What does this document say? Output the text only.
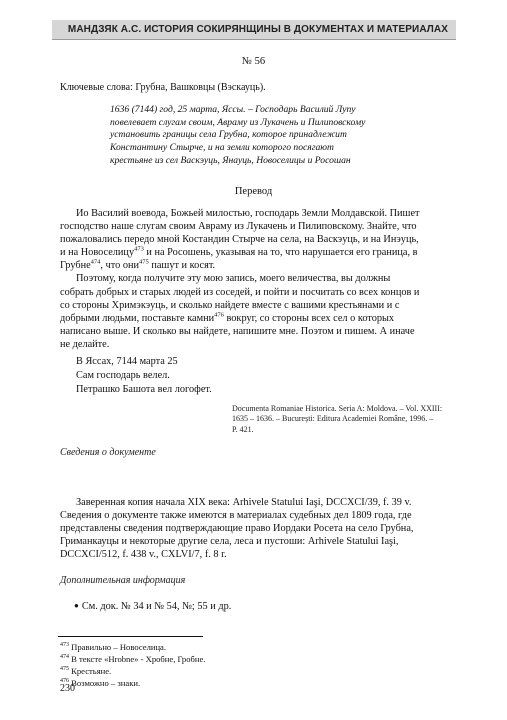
МАНДЗЯК А.С. ИСТОРИЯ СОКИРЯНЩИНЫ В ДОКУМЕНТАХ И МАТЕРИАЛАХ
№ 56
Ключевые слова: Грубна, Вашковцы (Вэскауць).
1636 (7144) год, 25 марта, Яссы. – Господарь Василий Лупу
повелевает слугам своим, Авраму из Лукачень и Пилиповскому
установить границы села Грубна, которое принадлежит
Константину Стырче, и на земли которого посягают
крестьяне из сел Васкэуць, Янауць, Новоселицы и Росошан
Перевод
Ио Василий воевода, Божьей милостью, господарь Земли Молдавской. Пишет
господство наше слугам своим Авраму из Лукачень и Пилиповскому. Знайте, что
пожаловались передо мной Костандин Стырче на села, на Васкэуць, и на Инэуць,
и на Новоселицу$^{473}$ и на Росошень, указывая на то, что нарушается его граница, в
Грубне$^{474}$, что они$^{475}$ пашут и косят.
Поэтому, когда получите эту мою запись, моего величества, вы должны
собрать добрых и старых людей из соседей, и пойти и посчитать со всех концов и
со стороны Хримэкэуць, и сколько найдете вместе с вашими крестьянами и с
добрыми людьми, поставьте камни$^{476}$ вокруг, со стороны всех сел о которых
написано выше. И сколько вы найдете, напишите мне. Поэтом и пишем. А иначе
не делайте.
В Яссах, 7144 марта 25
Сам господарь велел.
Петрашко Башота вел логофет.
Documenta Romaniae Historica. Seria A: Moldova. – Vol. XXIII:
1635 – 1636. – București: Editura Academiei Române, 1996. –
P. 421.
Сведения о документе
Заверенная копия начала XIX века: Arhivele Statului Iaşi, DCCXCI/39, f. 39 v.
Сведения о документе также имеются в материалах судебных дел 1809 года, где
представлены сведения подтверждающие право Иордаки Росета на село Грубна,
Гриманкауцы и некоторые другие села, леса и пустоши: Arhivele Statului Iaşi,
DCCXCI/512, f. 438 v., CXLVI/7, f. 8 r.
Дополнительная информация
● См. док. № 34 и № 54, №; 55 и др.
$^{473}$ Правильно – Новоселица.
$^{474}$ В тексте «Hrobne» - Хробне, Гробне.
$^{475}$ Крестьяне.
$^{476}$ Возможно – знаки.
230
